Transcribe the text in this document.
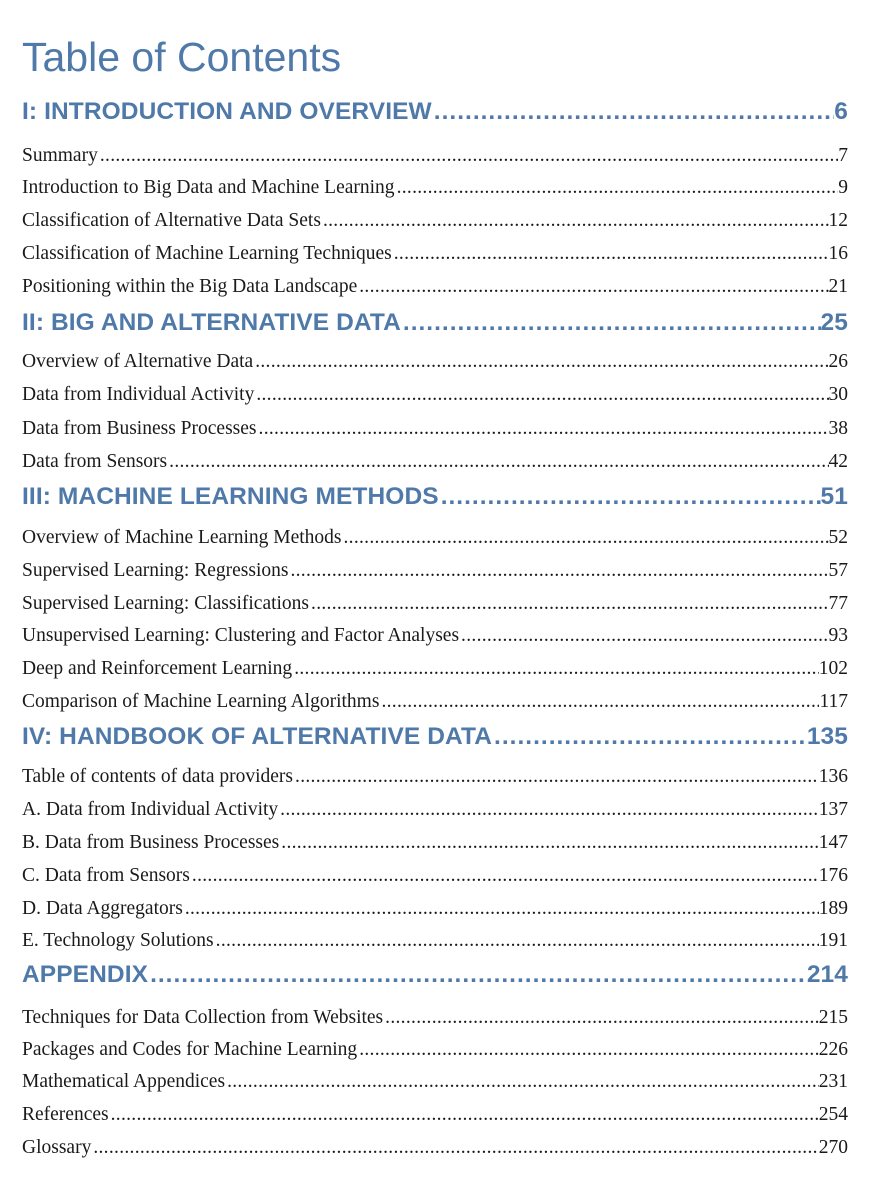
Table of Contents
I: INTRODUCTION AND OVERVIEW .....	6
Summary .....	7
Introduction to Big Data and Machine Learning .....	9
Classification of Alternative Data Sets .....	12
Classification of Machine Learning Techniques .....	16
Positioning within the Big Data Landscape .....	21
II: BIG AND ALTERNATIVE DATA .....	25
Overview of Alternative Data .....	26
Data from Individual Activity .....	30
Data from Business Processes .....	38
Data from Sensors .....	42
III: MACHINE LEARNING METHODS .....	51
Overview of Machine Learning Methods .....	52
Supervised Learning: Regressions .....	57
Supervised Learning: Classifications .....	77
Unsupervised Learning: Clustering and Factor Analyses .....	93
Deep and Reinforcement Learning .....	102
Comparison of Machine Learning Algorithms .....	117
IV: HANDBOOK OF ALTERNATIVE DATA .....	135
Table of contents of data providers .....	136
A. Data from Individual Activity .....	137
B. Data from Business Processes .....	147
C. Data from Sensors .....	176
D. Data Aggregators .....	189
E. Technology Solutions .....	191
APPENDIX .....	214
Techniques for Data Collection from Websites .....	215
Packages and Codes for Machine Learning .....	226
Mathematical Appendices .....	231
References .....	254
Glossary .....	270
